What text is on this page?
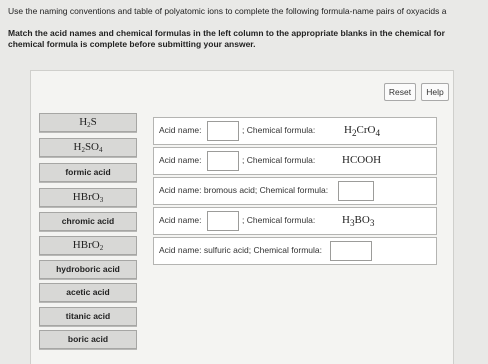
Use the naming conventions and table of polyatomic ions to complete the following formula-name pairs of oxyacids a
Match the acid names and chemical formulas in the left column to the appropriate blanks in the chemical for
chemical formula is complete before submitting your answer.
Reset	Help
$H_2S$
$H_2SO_4$
formic acid
HBrO$_3$
chromic acid
HBrO$_2$
hydroboric acid
acetic acid
titanic acid
boric acid
Acid name:	; Chemical formula:	$H_2CrO_4$
Acid name:	; Chemical formula: HCOOH
Acid name: bromous acid; Chemical formula:
Acid name:	; Chemical formula: $H_3BO_3$
Acid name: sulfuric acid; Chemical formula:
